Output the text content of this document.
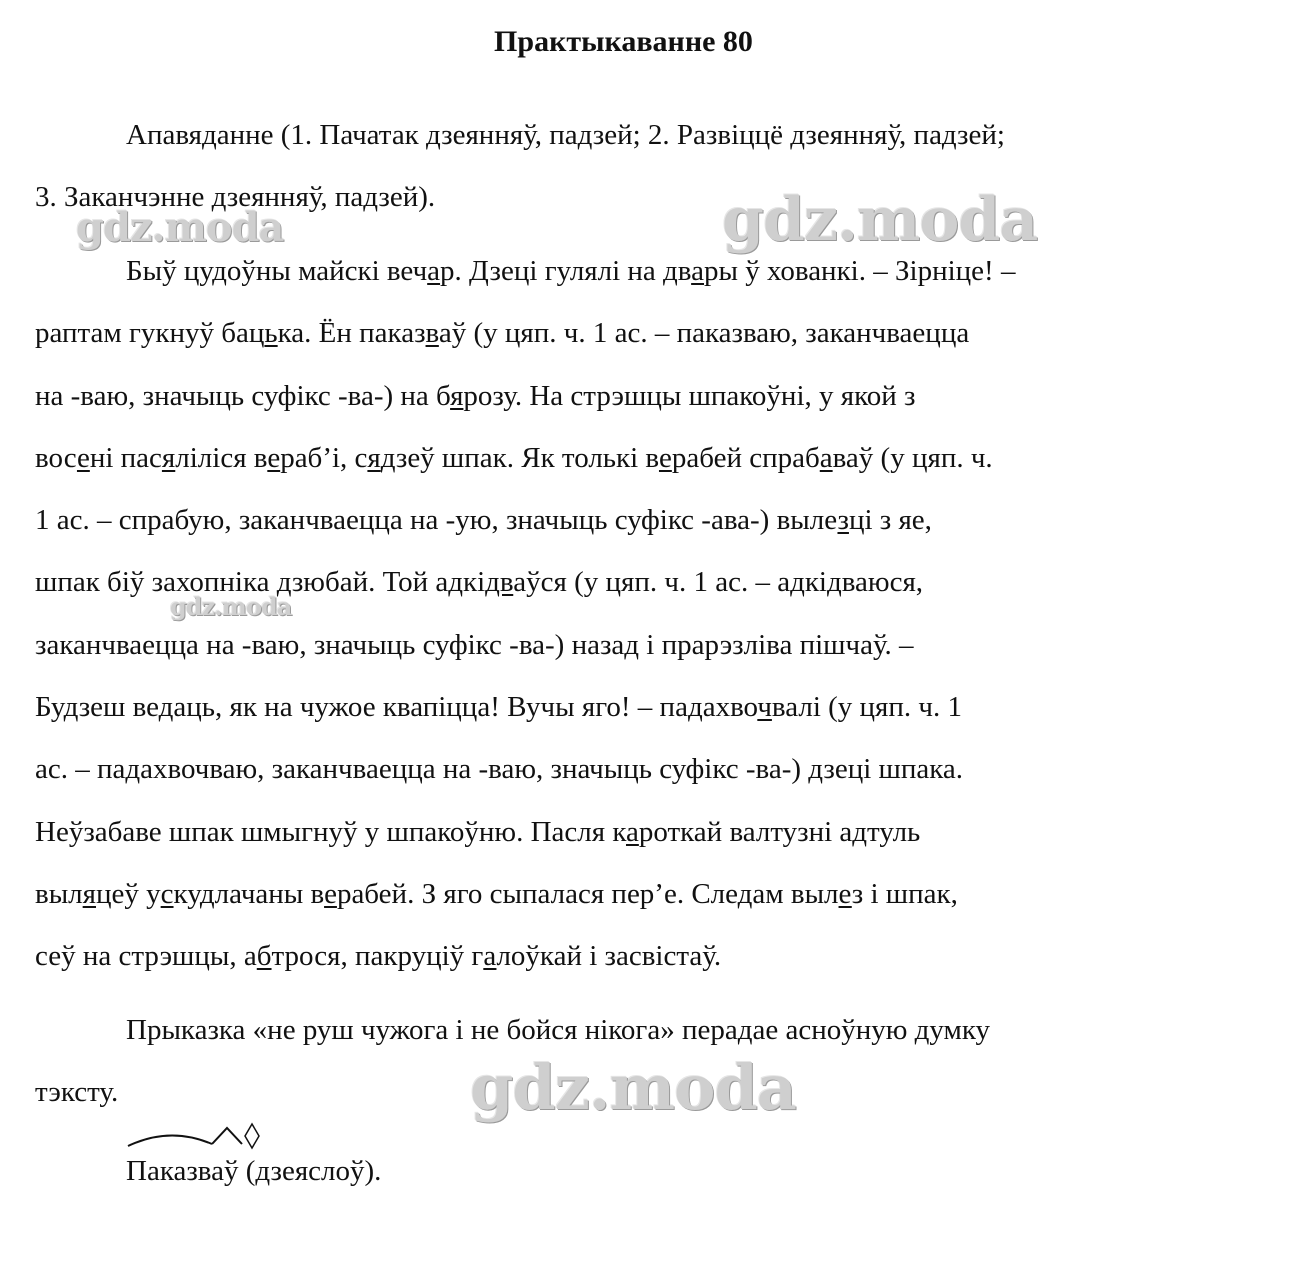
Практыкаванне 80

Апавяданне (1. Пачатак дзеянняў, падзей; 2. Развіццё дзеянняў, падзей;
3. Заканчэнне дзеянняў, падзей).

Быў цудоўны майскі вечар. Дзеці гулялі на двары ў хованкі. – Зірніце! –
раптам гукнуў бацька. Ён паказваў (у цяп. ч. 1 ас. – паказваю, заканчваецца
на -ваю, значыць суфікс -ва-) на бярозу. На стрэшцы шпакоўні, у якой з
восені пасяліліся вераб’і, сядзеў шпак. Як толькі верабей спрабаваў (у цяп. ч.
1 ас. – спрабую, заканчваецца на -ую, значыць суфікс -ава-) вылезці з яе,
шпак біў захопніка дзюбай. Той адкідваўся (у цяп. ч. 1 ас. – адкідваюся,
заканчваецца на -ваю, значыць суфікс -ва-) назад і прарэзліва пішчаў. –
Будзеш ведаць, як на чужое квапіцца! Вучы яго! – падахвочвалі (у цяп. ч. 1
ас. – падахвочваю, заканчваецца на -ваю, значыць суфікс -ва-) дзеці шпака.
Неўзабаве шпак шмыгнуў у шпакоўню. Пасля кароткай валтузні адтуль
выляцеў ускудлачаны верабей. З яго сыпалася пер’е. Следам вылез і шпак,
сеў на стрэшцы, абтрося, пакруціў галоўкай і засвістаў.

Прыказка «не руш чужога і не бойся нікога» перадае асноўную думку
тэксту.

Паказваў (дзеяслоў).

gdz.moda	gdz.moda
gdz.moda
gdz.moda
